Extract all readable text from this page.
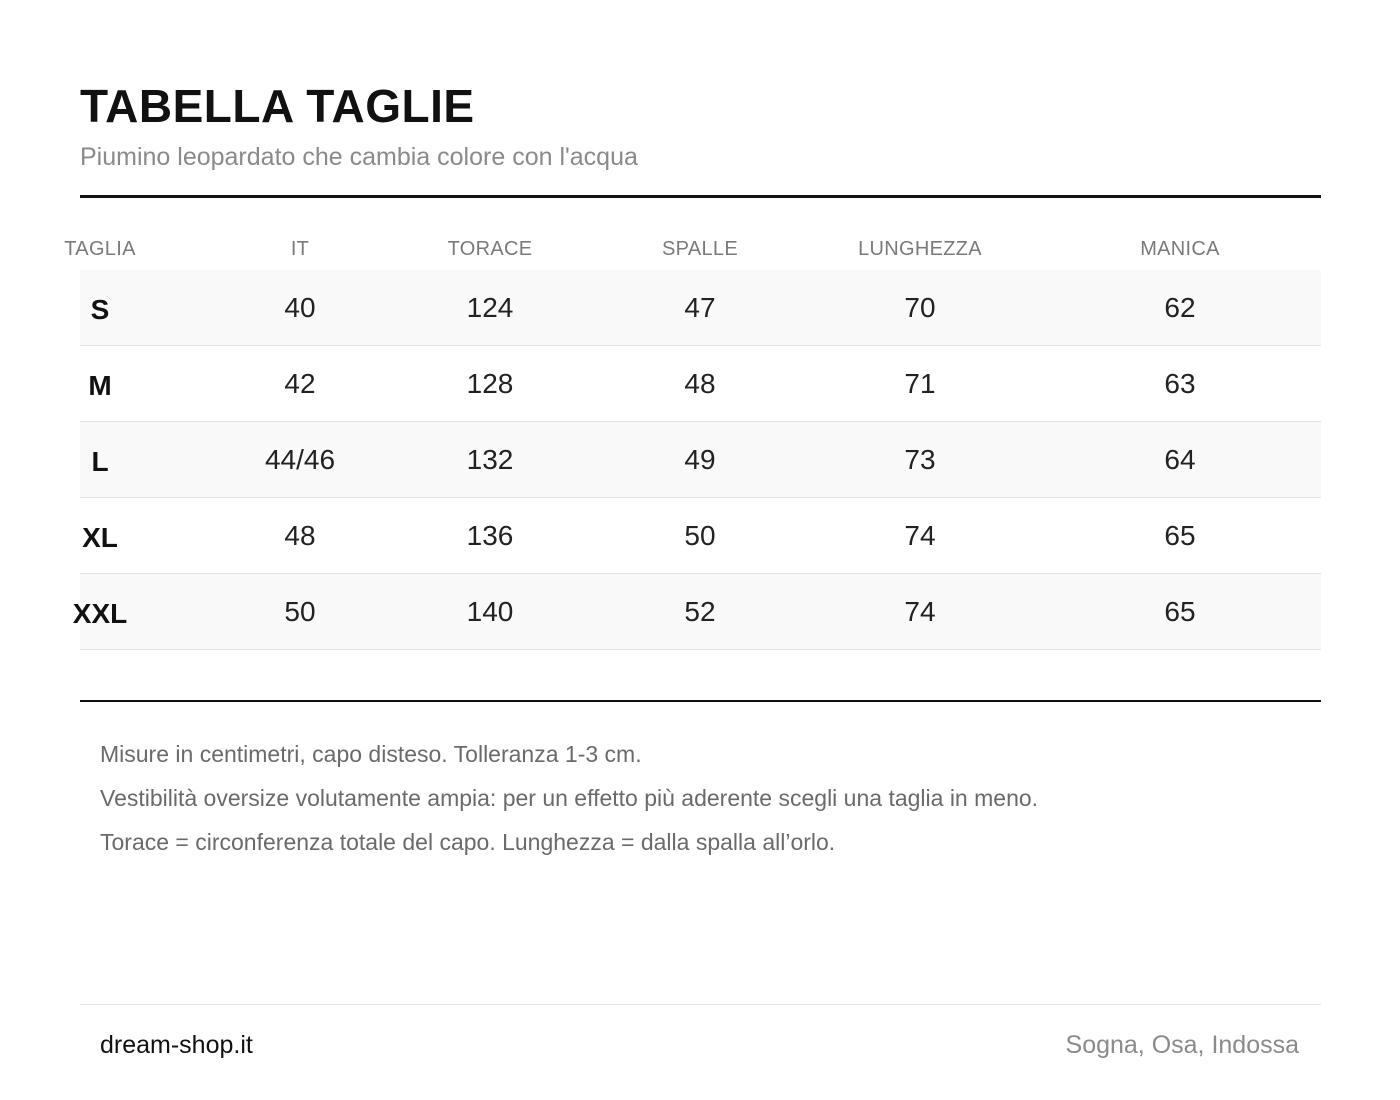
TABELLA TAGLIE
Piumino leopardato che cambia colore con l'acqua
TAGLIA	IT	TORACE	SPALLE	LUNGHEZZA	MANICA
S	40	124	47	70	62
M	42	128	48	71	63
L	44/46	132	49	73	64
XL	48	136	50	74	65
XXL	50	140	52	74	65

Misure in centimetri, capo disteso. Tolleranza 1-3 cm.

Vestibilità oversize volutamente ampia: per un effetto più aderente scegli una taglia in meno.

Torace = circonferenza totale del capo. Lunghezza = dalla spalla all’orlo.

dream-shop.it	Sogna, Osa, Indossa
